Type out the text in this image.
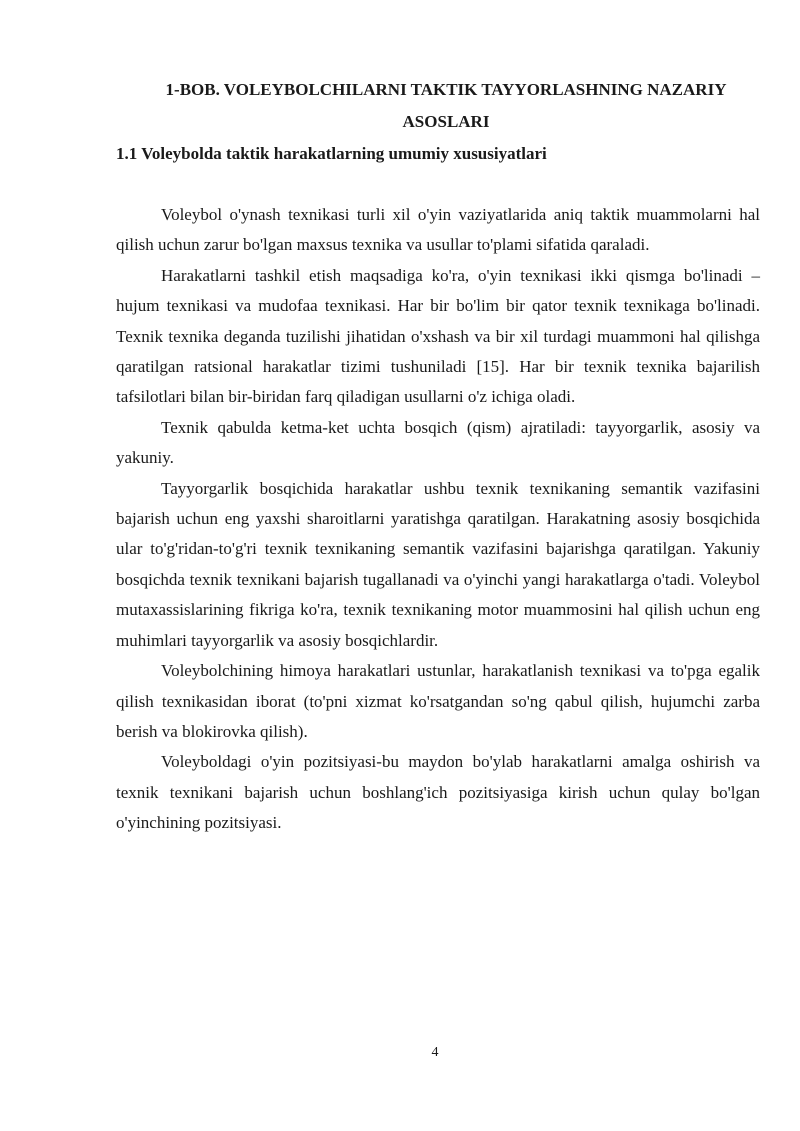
1-BOB. VOLEYBOLCHILARNI TAKTIK TAYYORLASHNING NAZARIY ASOSLARI
1.1 Voleybolda taktik harakatlarning umumiy xususiyatlari

Voleybol o'ynash texnikasi turli xil o'yin vaziyatlarida aniq taktik muammolarni hal qilish uchun zarur bo'lgan maxsus texnika va usullar to'plami sifatida qaraladi.

Harakatlarni tashkil etish maqsadiga ko'ra, o'yin texnikasi ikki qismga bo'linadi – hujum texnikasi va mudofaa texnikasi. Har bir bo'lim bir qator texnik texnikaga bo'linadi. Texnik texnika deganda tuzilishi jihatidan o'xshash va bir xil turdagi muammoni hal qilishga qaratilgan ratsional harakatlar tizimi tushuniladi [15]. Har bir texnik texnika bajarilish tafsilotlari bilan bir-biridan farq qiladigan usullarni o'z ichiga oladi.

Texnik qabulda ketma-ket uchta bosqich (qism) ajratiladi: tayyorgarlik, asosiy va yakuniy.

Tayyorgarlik bosqichida harakatlar ushbu texnik texnikaning semantik vazifasini bajarish uchun eng yaxshi sharoitlarni yaratishga qaratilgan. Harakatning asosiy bosqichida ular to'g'ridan-to'g'ri texnik texnikaning semantik vazifasini bajarishga qaratilgan. Yakuniy bosqichda texnik texnikani bajarish tugallanadi va o'yinchi yangi harakatlarga o'tadi. Voleybol mutaxassislarining fikriga ko'ra, texnik texnikaning motor muammosini hal qilish uchun eng muhimlari tayyorgarlik va asosiy bosqichlardir.

Voleybolchining himoya harakatlari ustunlar, harakatlanish texnikasi va to'pga egalik qilish texnikasidan iborat (to'pni xizmat ko'rsatgandan so'ng qabul qilish, hujumchi zarba berish va blokirovka qilish).

Voleyboldagi o'yin pozitsiyasi-bu maydon bo'ylab harakatlarni amalga oshirish va texnik texnikani bajarish uchun boshlang'ich pozitsiyasiga kirish uchun qulay bo'lgan o'yinchining pozitsiyasi.

4
